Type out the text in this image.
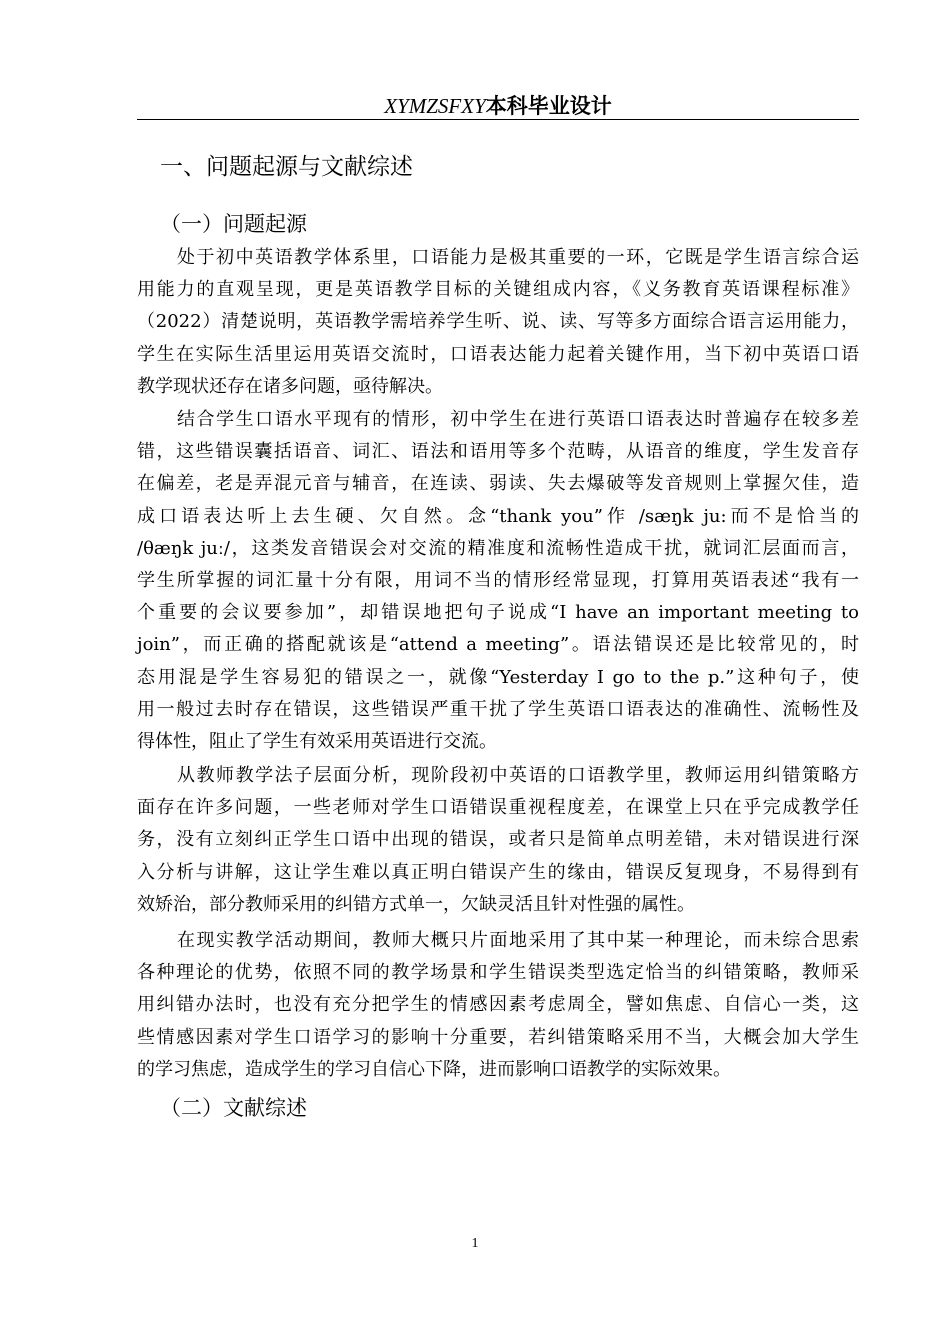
XYMZSFXY本科毕业设计
一、问题起源与文献综述
（一）问题起源
处于初中英语教学体系里，口语能力是极其重要的一环，它既是学生语言综合运
用能力的直观呈现，更是英语教学目标的关键组成内容，《义务教育英语课程标准》
（2022）清楚说明，英语教学需培养学生听、说、读、写等多方面综合语言运用能力，
学生在实际生活里运用英语交流时，口语表达能力起着关键作用，当下初中英语口语
教学现状还存在诸多问题，亟待解决。
结合学生口语水平现有的情形，初中学生在进行英语口语表达时普遍存在较多差
错，这些错误囊括语音、词汇、语法和语用等多个范畴，从语音的维度，学生发音存
在偏差，老是弄混元音与辅音，在连读、弱读、失去爆破等发音规则上掌握欠佳，造
成口语表达听上去生硬、欠自然。念“thank you”作 /sæŋk ju:而不是恰当的
/θæŋk juː/，这类发音错误会对交流的精准度和流畅性造成干扰，就词汇层面而言，
学生所掌握的词汇量十分有限，用词不当的情形经常显现，打算用英语表述“我有一
个重要的会议要参加”，却错误地把句子说成“I have an important meeting to
join”，而正确的搭配就该是“attend a meeting”。语法错误还是比较常见的，时
态用混是学生容易犯的错误之一，就像“Yesterday I go to the p.”这种句子，使
用一般过去时存在错误，这些错误严重干扰了学生英语口语表达的准确性、流畅性及
得体性，阻止了学生有效采用英语进行交流。
从教师教学法子层面分析，现阶段初中英语的口语教学里，教师运用纠错策略方
面存在许多问题，一些老师对学生口语错误重视程度差，在课堂上只在乎完成教学任
务，没有立刻纠正学生口语中出现的错误，或者只是简单点明差错，未对错误进行深
入分析与讲解，这让学生难以真正明白错误产生的缘由，错误反复现身，不易得到有
效矫治，部分教师采用的纠错方式单一，欠缺灵活且针对性强的属性。
在现实教学活动期间，教师大概只片面地采用了其中某一种理论，而未综合思索
各种理论的优势，依照不同的教学场景和学生错误类型选定恰当的纠错策略，教师采
用纠错办法时，也没有充分把学生的情感因素考虑周全，譬如焦虑、自信心一类，这
些情感因素对学生口语学习的影响十分重要，若纠错策略采用不当，大概会加大学生
的学习焦虑，造成学生的学习自信心下降，进而影响口语教学的实际效果。
（二）文献综述
1
